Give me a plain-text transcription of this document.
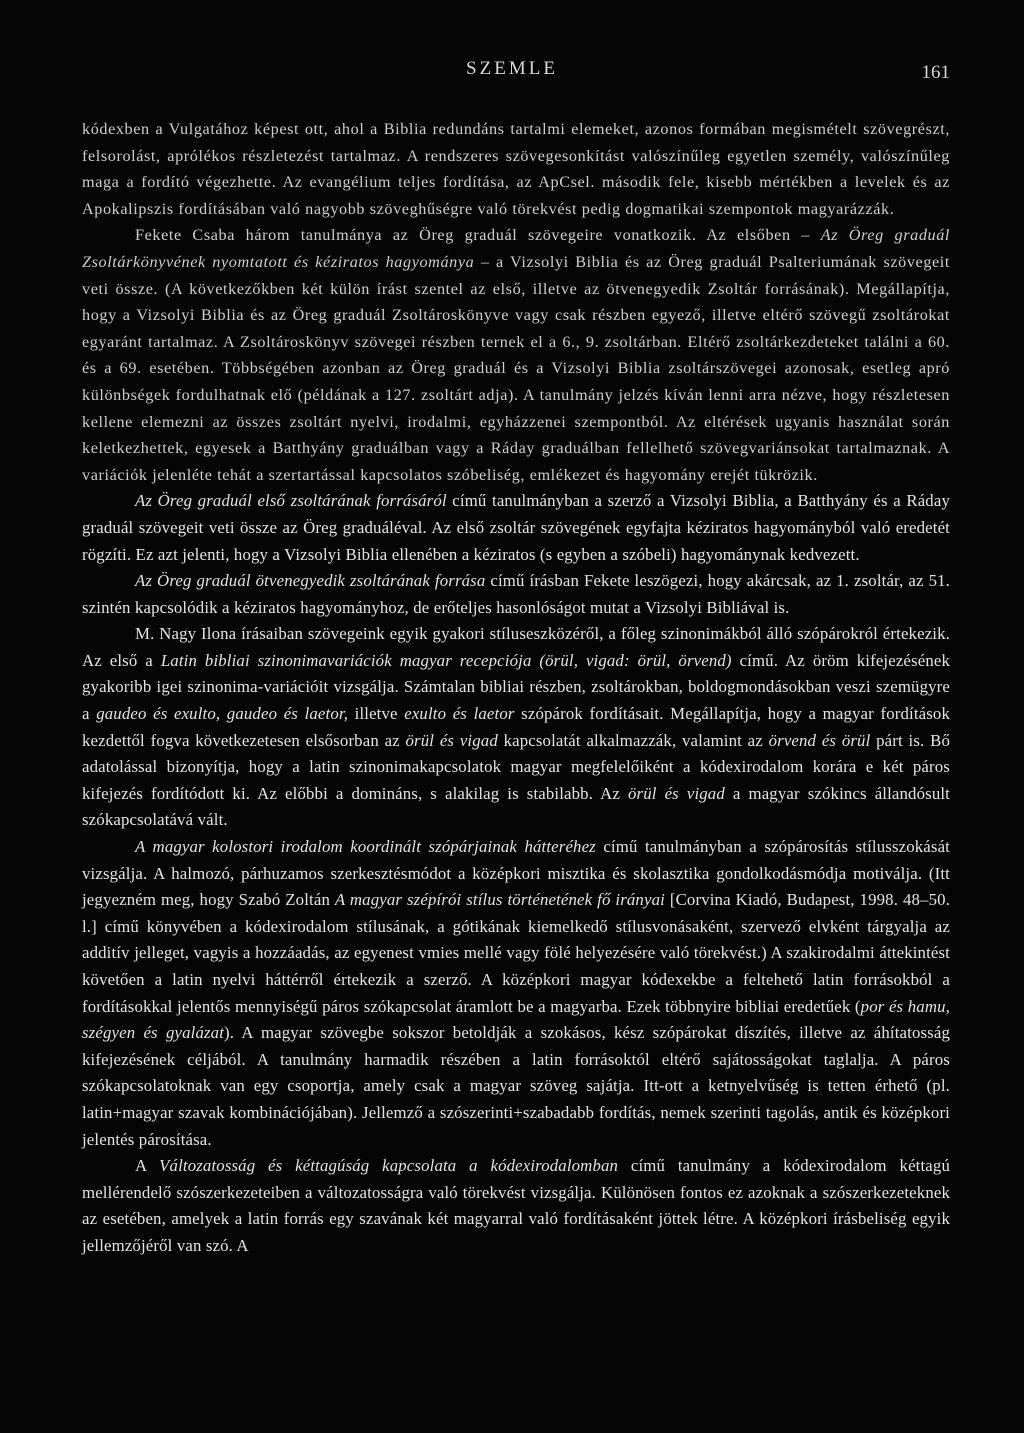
SZEMLE	161

kódexben a Vulgatához képest ott, ahol a Biblia redundáns tartalmi elemeket, azonos formában megismételt szövegrészt, felsorolást, aprólékos részletezést tartalmaz. A rendszeres szövegesonkítást valószínűleg egyetlen személy, valószínűleg maga a fordító végezhette. Az evangélium teljes fordítása, az ApCsel. második fele, kisebb mértékben a levelek és az Apokalipszis fordításában való nagyobb szöveghűségre való törekvést pedig dogmatikai szempontok magyarázzák.

Fekete Csaba három tanulmánya az Öreg graduál szövegeire vonatkozik. Az elsőben – Az Öreg graduál Zsoltárkönyvének nyomtatott és kéziratos hagyománya – a Vizsolyi Biblia és az Öreg graduál Psalteriumának szövegeit veti össze. (A következőkben két külön írást szentel az első, illetve az ötvenegyedik Zsoltár forrásának). Megállapítja, hogy a Vizsolyi Biblia és az Öreg graduál Zsoltároskönyve vagy csak részben egyező, illetve eltérő szövegű zsoltárokat egyaránt tartalmaz. A Zsoltároskönyv szövegei részben ternek el a 6., 9. zsoltárban. Eltérő zsoltárkezdeteket találni a 60. és a 69. esetében. Többségében azonban az Öreg graduál és a Vizsolyi Biblia zsoltárszövegei azonosak, esetleg apró különbségek fordulhatnak elő (példának a 127. zsoltárt adja). A tanulmány jelzés kíván lenni arra nézve, hogy részletesen kellene elemezni az összes zsoltárt nyelvi, irodalmi, egyházzenei szempontból. Az eltérések ugyanis használat során keletkezhettek, egyesek a Batthyány graduálban vagy a Ráday graduálban fellelhető szövegvariánsokat tartalmaznak. A variációk jelenléte tehát a szertartással kapcsolatos szóbeliség, emlékezet és hagyomány erejét tükrözik.

Az Öreg graduál első zsoltárának forrásáról című tanulmányban a szerző a Vizsolyi Biblia, a Batthyány és a Ráday graduál szövegeit veti össze az Öreg graduáléval. Az első zsoltár szövegének egyfajta kéziratos hagyományból való eredetét rögzíti. Ez azt jelenti, hogy a Vizsolyi Biblia ellenében a kéziratos (s egyben a szóbeli) hagyománynak kedvezett.

Az Öreg graduál ötvenegyedik zsoltárának forrása című írásban Fekete leszögezi, hogy akárcsak, az 1. zsoltár, az 51. szintén kapcsolódik a kéziratos hagyományhoz, de erőteljes hasonlóságot mutat a Vizsolyi Bibliával is.

M. Nagy Ilona írásaiban szövegeink egyik gyakori stíluseszközéről, a főleg szinonimákból álló szópárokról értekezik. Az első a Latin bibliai szinonimavariációk magyar recepciója (örül, vigad: örül, örvend) című. Az öröm kifejezésének gyakoribb igei szinonima-variációit vizsgálja. Számtalan bibliai részben, zsoltárokban, boldogmondásokban veszi szemügyre a gaudeo és exulto, gaudeo és laetor, illetve exulto és laetor szópárok fordításait. Megállapítja, hogy a magyar fordítások kezdettől fogva következetesen elsősorban az örül és vigad kapcsolatát alkalmazzák, valamint az örvend és örül párt is. Bő adatolással bizonyítja, hogy a latin szinonimakapcsolatok magyar megfelelőiként a kódexirodalom korára e két páros kifejezés fordítódott ki. Az előbbi a domináns, s alakilag is stabilabb. Az örül és vigad a magyar szókincs állandósult szókapcsolatává vált.

A magyar kolostori irodalom koordinált szópárjainak hátteréhez című tanulmányban a szópárosítás stílusszokását vizsgálja. A halmozó, párhuzamos szerkesztésmódot a középkori misztika és skolasztika gondolkodásmódja motiválja. (Itt jegyezném meg, hogy Szabó Zoltán A magyar szépírói stílus történetének fő irányai [Corvina Kiadó, Budapest, 1998. 48–50. l.] című könyvében a kódexirodalom stílusának, a gótikának kiemelkedő stílusvonásaként, szervező elvként tárgyalja az additív jelleget, vagyis a hozzáadás, az egyenest vmies mellé vagy fölé helyezésére való törekvést.) A szakirodalmi áttekintést követően a latin nyelvi háttérről értekezik a szerző. A középkori magyar kódexekbe a feltehető latin forrásokból a fordításokkal jelentős mennyiségű páros szókapcsolat áramlott be a magyarba. Ezek többnyire bibliai eredetűek (por és hamu, szégyen és gyalázat). A magyar szövegbe sokszor betoldják a szokásos, kész szópárokat díszítés, illetve az áhítatosság kifejezésének céljából. A tanulmány harmadik részében a latin forrásoktól eltérő sajátosságokat taglalja. A páros szókapcsolatoknak van egy csoportja, amely csak a magyar szöveg sajátja. Itt-ott a ketnyelvűség is tetten érhető (pl. latin+magyar szavak kombinációjában). Jellemző a szószerinti+szabadabb fordítás, nemek szerinti tagolás, antik és középkori jelentés párosítása.

A Változatosság és kéttagúság kapcsolata a kódexirodalomban című tanulmány a kódexirodalom kéttagú mellérendelő szószerkezeteiben a változatosságra való törekvést vizsgálja. Különösen fontos ez azoknak a szószerkezeteknek az esetében, amelyek a latin forrás egy szavának két magyarral való fordításaként jöttek létre. A középkori írásbeliség egyik jellemzőjéről van szó. A
